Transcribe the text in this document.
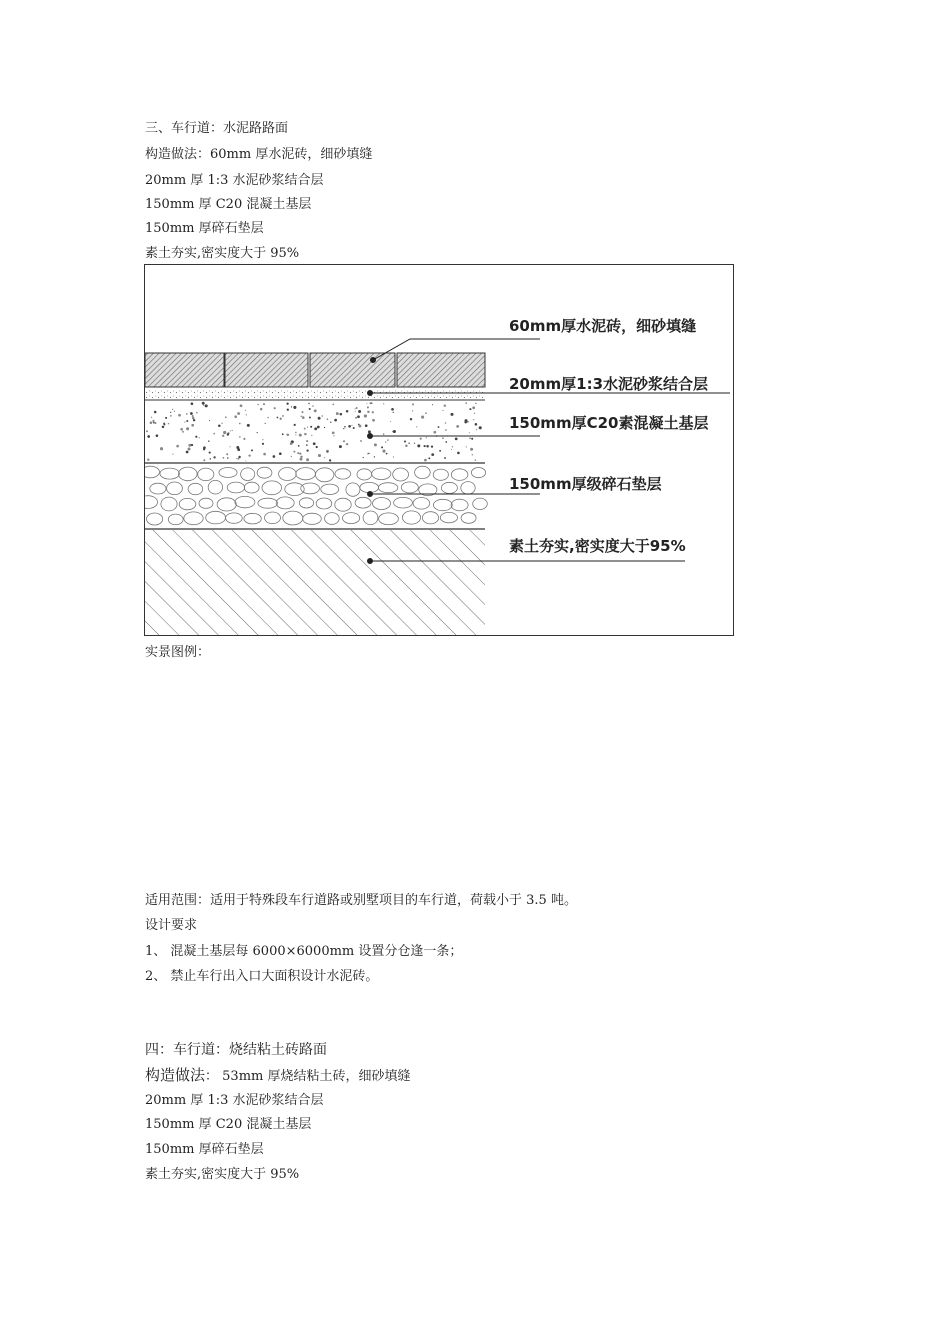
三、车行道：水泥路路面
构造做法：60mm 厚水泥砖，细砂填缝
20mm 厚 1:3 水泥砂浆结合层
150mm 厚 C20 混凝土基层
150mm 厚碎石垫层
素土夯实,密实度大于 95%
60mm厚水泥砖，细砂填缝
20mm厚1:3水泥砂浆结合层
150mm厚C20素混凝土基层
150mm厚级碎石垫层
素土夯实,密实度大于95%
实景图例：
适用范围：适用于特殊段车行道路或别墅项目的车行道，荷载小于 3.5 吨。
设计要求
1、 混凝土基层每 6000×6000mm 设置分仓逢一条；
2、 禁止车行出入口大面积设计水泥砖。
四：车行道：烧结粘土砖路面
构造做法： 53mm 厚烧结粘土砖，细砂填缝
20mm 厚 1:3 水泥砂浆结合层
150mm 厚 C20 混凝土基层
150mm 厚碎石垫层
素土夯实,密实度大于 95%
